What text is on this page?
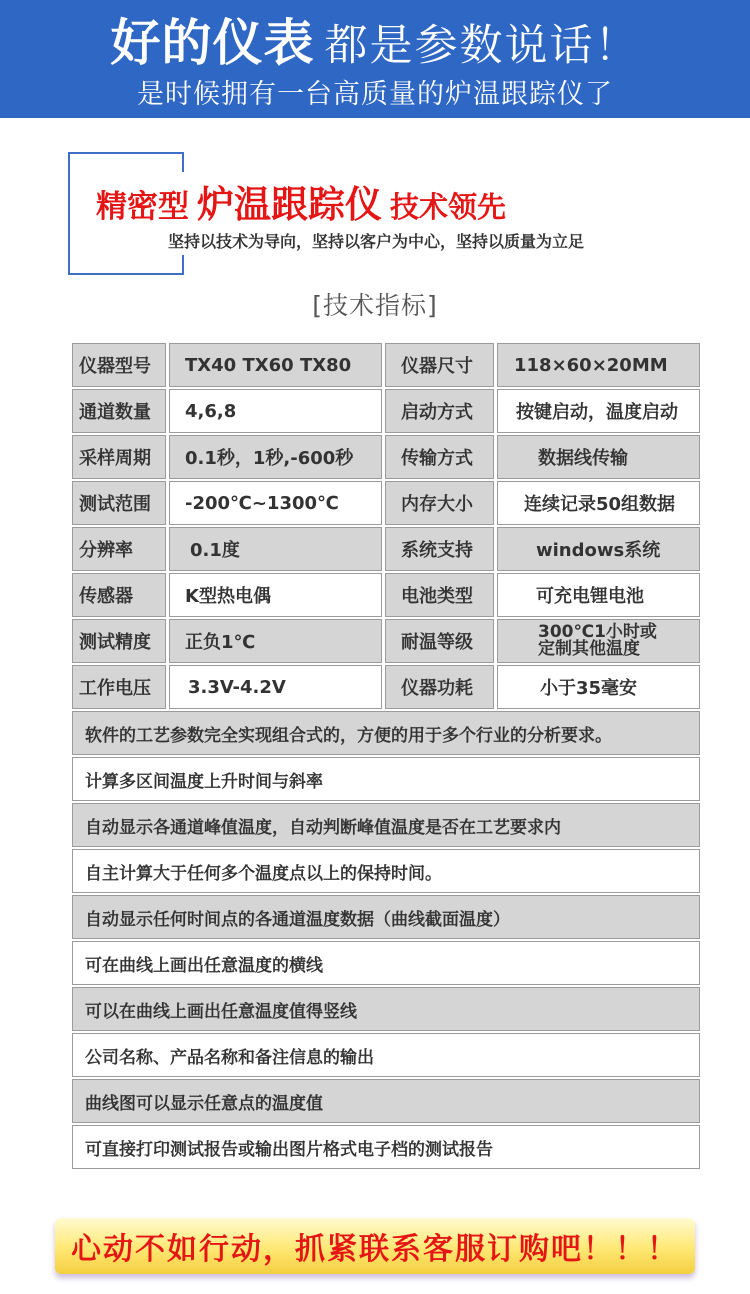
好的仪表 都是参数说话！
是时候拥有一台高质量的炉温跟踪仪了
精密型 炉温跟踪仪 技术领先
坚持以技术为导向，坚持以客户为中心，坚持以质量为立足
[技术指标]
仪器型号	TX40 TX60 TX80	仪器尺寸	118×60×20MM
通道数量	4,6,8	启动方式	按键启动，温度启动
采样周期	0.1秒，1秒,-600秒	传输方式	数据线传输
测试范围	-200℃~1300℃	内存大小	连续记录50组数据
分辨率	0.1度	系统支持	windows系统
传感器	K型热电偶	电池类型	可充电锂电池
测试精度	正负1℃	耐温等级	300℃1小时或
定制其他温度
工作电压	3.3V-4.2V	仪器功耗	小于35毫安
软件的工艺参数完全实现组合式的，方便的用于多个行业的分析要求。
计算多区间温度上升时间与斜率
自动显示各通道峰值温度，自动判断峰值温度是否在工艺要求内
自主计算大于任何多个温度点以上的保持时间。
自动显示任何时间点的各通道温度数据（曲线截面温度）
可在曲线上画出任意温度的横线
可以在曲线上画出任意温度值得竖线
公司名称、产品名称和备注信息的输出
曲线图可以显示任意点的温度值
可直接打印测试报告或输出图片格式电子档的测试报告
心动不如行动，抓紧联系客服订购吧！！！
